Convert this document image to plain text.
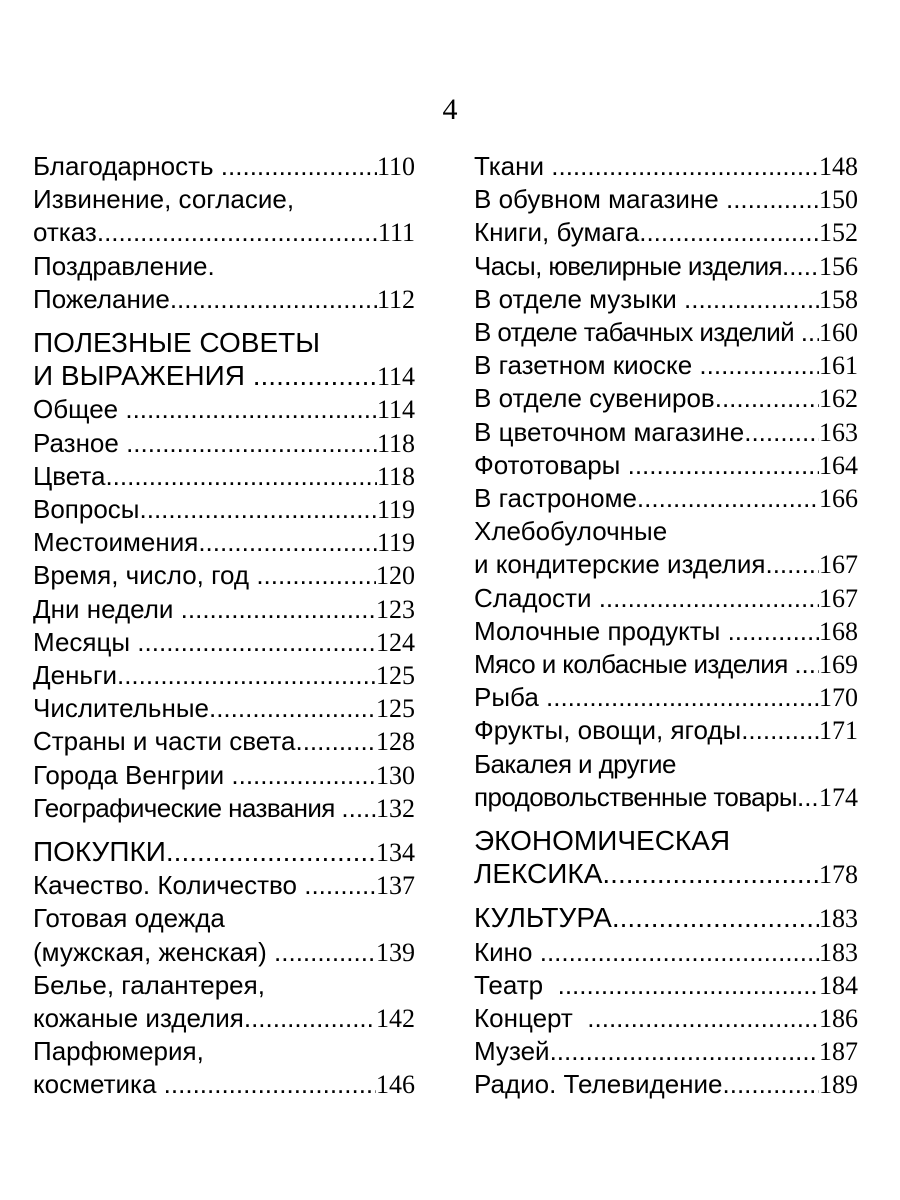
4
Благодарность .....	110
Извинение, согласие,
отказ .....	111
Поздравление.
Пожелание .....	112
ПОЛЕЗНЫЕ СОВЕТЫ
И ВЫРАЖЕНИЯ .....	114
Общее .....	114
Разное .....	118
Цвета .....	118
Вопросы .....	119
Местоимения .....	119
Время, число, год .....	120
Дни недели .....	123
Месяцы .....	124
Деньги .....	125
Числительные .....	125
Страны и части света .....	128
Города Венгрии .....	130
Географические названия ..... 132
ПОКУПКИ .....	134
Качество. Количество .....	137
Готовая одежда
(мужская, женская) .....	139
Белье, галантерея,
кожаные изделия .....	142
Парфюмерия,
косметика .....	146
Ткани .....	148
В обувном магазине .....	150
Книги, бумага .....	152
Часы, ювелирные изделия ..... 156
В отделе музыки .....	158
В отделе табачных изделий ..... 160
В газетном киоске .....	161
В отделе сувениров .....	162
В цветочном магазине .....	163
Фототовары .....	164
В гастрономе .....	166
Хлебобулочные
и кондитерские изделия ..... 167
Сладости .....	167
Молочные продукты .....	168
Мясо и колбасные изделия ..... 169
Рыба .....	170
Фрукты, овощи, ягоды .....	171
Бакалея и другие
продовольственные товары ..... 174
ЭКОНОМИЧЕСКАЯ
ЛЕКСИКА .....	178
КУЛЬТУРА .....	183
Кино .....	183
Театр .....	184
Концерт .....	186
Музей .....	187
Радио. Телевидение .....	189
